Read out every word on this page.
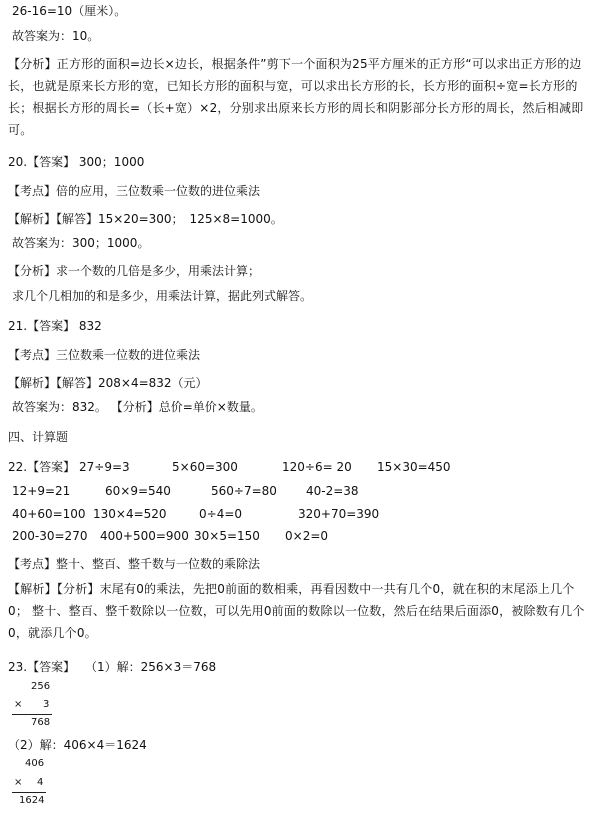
26-16=10（厘米）。
故答案为：10。
【分析】正方形的面积=边长×边长，根据条件”剪下一个面积为25平方厘米的正方形“可以求出正方形的边长，也就是原来长方形的宽，已知长方形的面积与宽，可以求出长方形的长，长方形的面积÷宽=长方形的长；根据长方形的周长=（长+宽）×2，分别求出原来长方形的周长和阴影部分长方形的周长，然后相减即可。
20.【答案】 300；1000
【考点】倍的应用，三位数乘一位数的进位乘法
【解析】【解答】15×20=300；　125×8=1000。
故答案为：300；1000。
【分析】求一个数的几倍是多少，用乘法计算；
求几个几相加的和是多少，用乘法计算，据此列式解答。
21.【答案】 832
【考点】三位数乘一位数的进位乘法
【解析】【解答】208×4=832（元）
故答案为：832。 【分析】总价=单价×数量。
四、计算题
22.【答案】 27÷9=3	5×60=300	120÷6= 20 15×30=450
12+9=21	60×9=540	560÷7=80 40-2=38
40+60=100 130×4=520	0÷4=0	320+70=390
200-30=270 400+500=900 30×5=150 0×2=0
【考点】整十、整百、整千数与一位数的乘除法
【解析】【分析】末尾有0的乘法，先把0前面的数相乘，再看因数中一共有几个0，就在积的末尾添上几个0； 整十、整百、整千数除以一位数，可以先用0前面的数除以一位数，然后在结果后面添0，被除数有几个0，就添几个0。
23.【答案】 （1）解：256×3＝768
256
× 3
768
（2）解：406×4＝1624
406
× 4
1624
